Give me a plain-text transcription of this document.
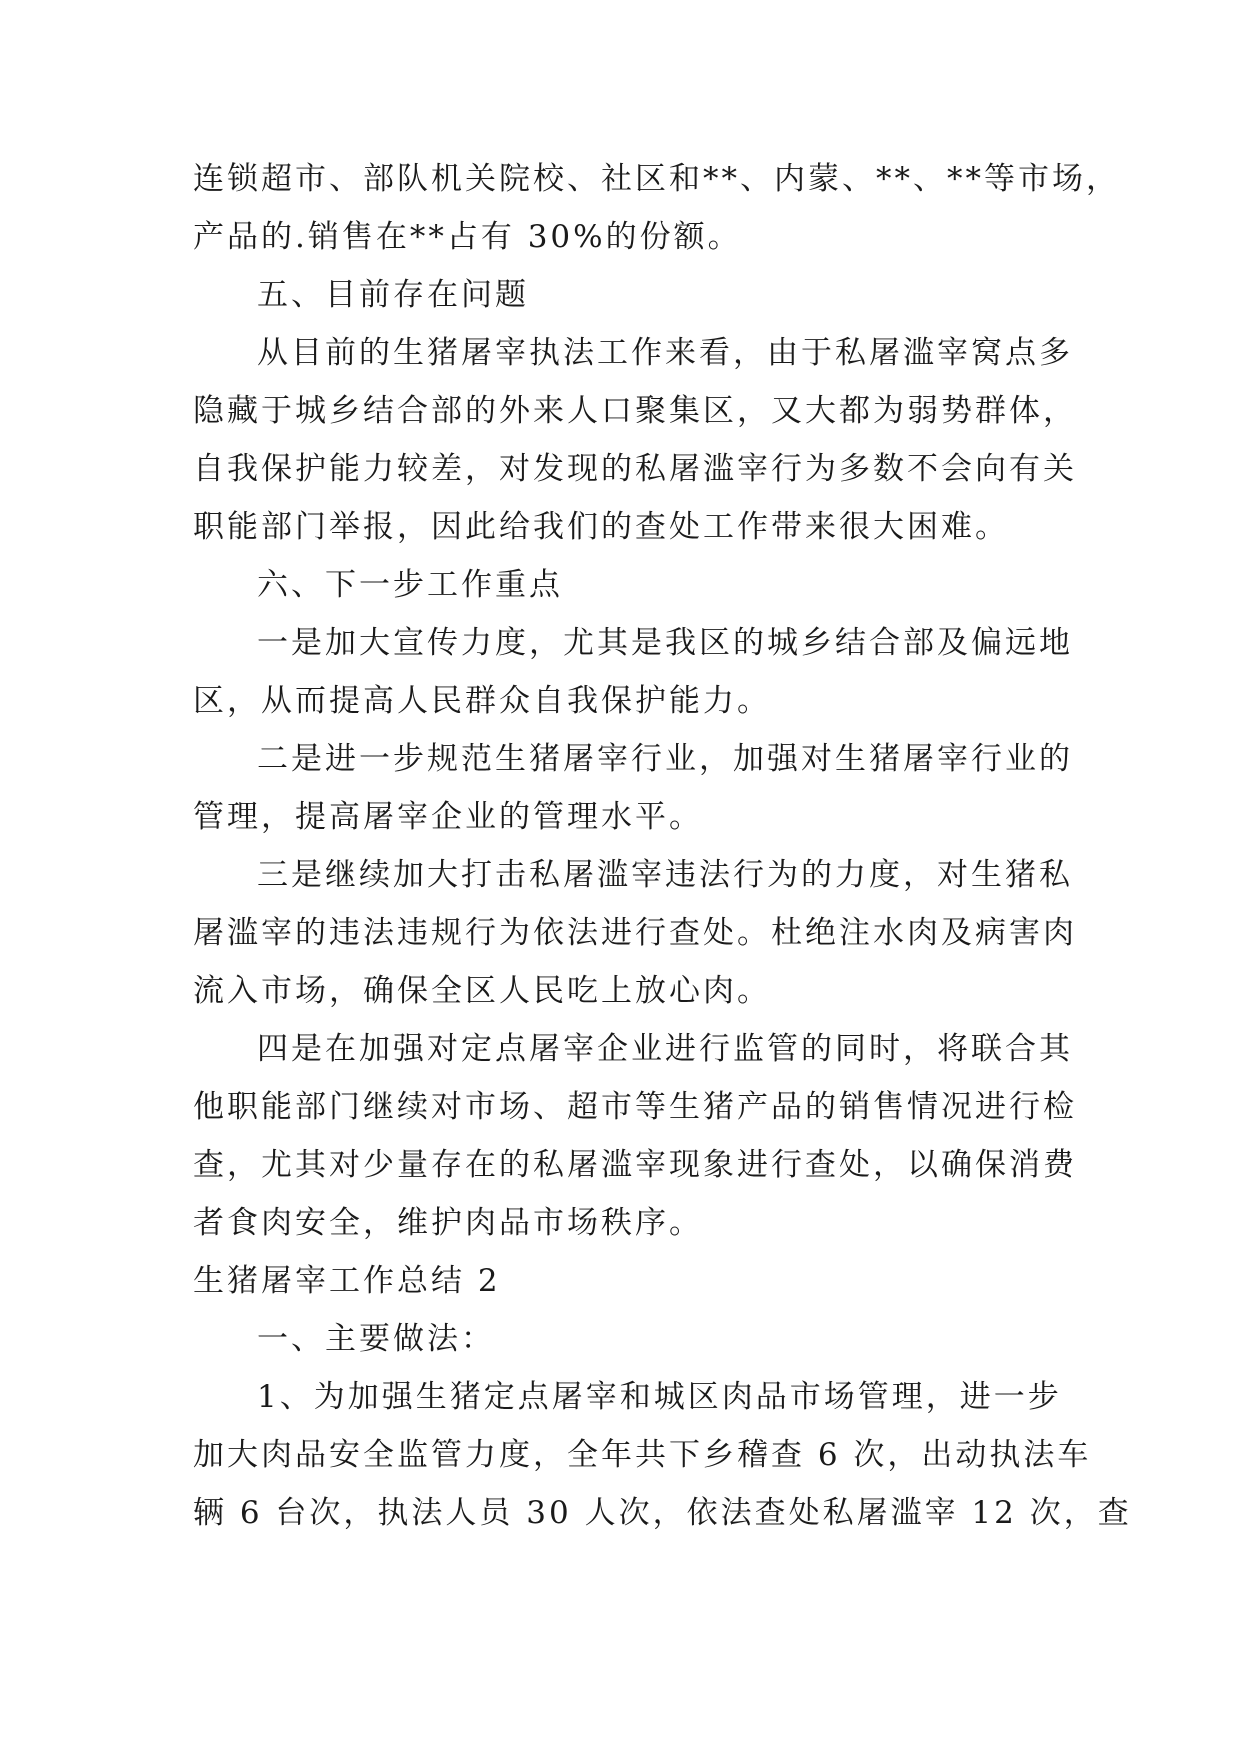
连锁超市、部队机关院校、社区和**、内蒙、**、**等市场，
产品的.销售在**占有 30%的份额。
五、目前存在问题
从目前的生猪屠宰执法工作来看，由于私屠滥宰窝点多
隐藏于城乡结合部的外来人口聚集区，又大都为弱势群体，
自我保护能力较差，对发现的私屠滥宰行为多数不会向有关
职能部门举报，因此给我们的查处工作带来很大困难。
六、下一步工作重点
一是加大宣传力度，尤其是我区的城乡结合部及偏远地
区，从而提高人民群众自我保护能力。
二是进一步规范生猪屠宰行业，加强对生猪屠宰行业的
管理，提高屠宰企业的管理水平。
三是继续加大打击私屠滥宰违法行为的力度，对生猪私
屠滥宰的违法违规行为依法进行查处。杜绝注水肉及病害肉
流入市场，确保全区人民吃上放心肉。
四是在加强对定点屠宰企业进行监管的同时，将联合其
他职能部门继续对市场、超市等生猪产品的销售情况进行检
查，尤其对少量存在的私屠滥宰现象进行查处，以确保消费
者食肉安全，维护肉品市场秩序。
生猪屠宰工作总结 2
一、主要做法：
1、为加强生猪定点屠宰和城区肉品市场管理，进一步
加大肉品安全监管力度，全年共下乡稽查 6 次，出动执法车
辆 6 台次，执法人员 30 人次，依法查处私屠滥宰 12 次，查
